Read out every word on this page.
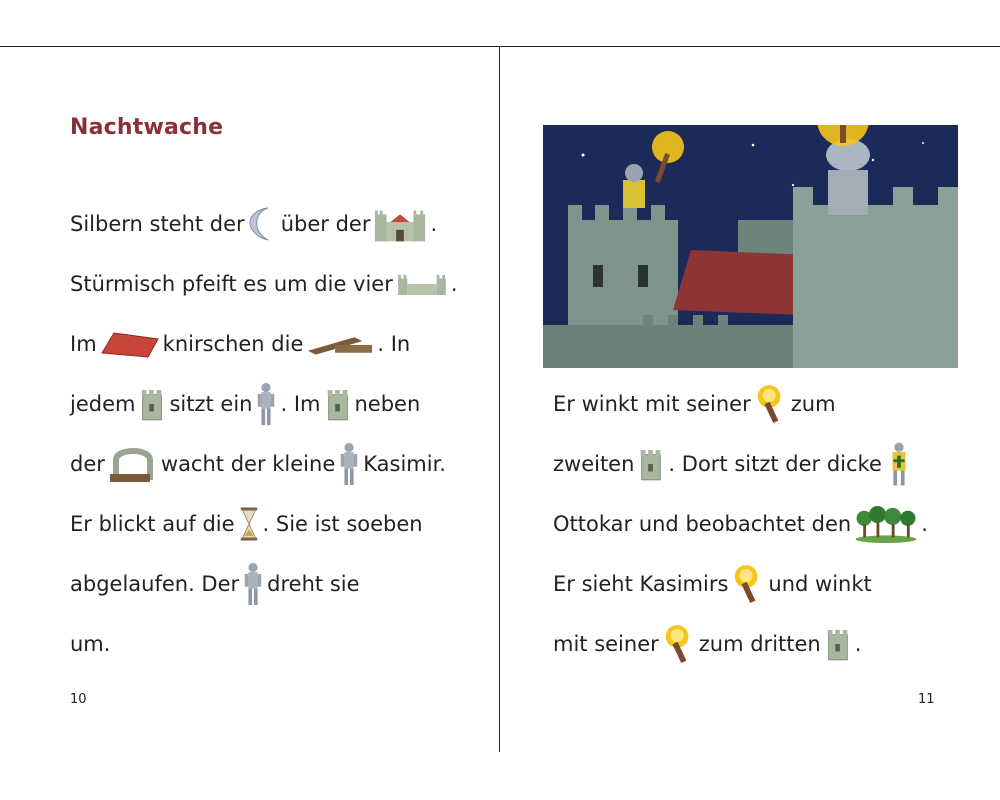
Nachtwache
Silbern steht der über der	.
Stürmisch pfeift es um die vier	.
Im	knirschen die	. In
jedem sitzt ein . Im neben
der	wacht der kleine Kasimir.
Er blickt auf die . Sie ist soeben
abgelaufen. Der dreht sie
um.
10
Er winkt mit seiner zum
zweiten . Dort sitzt der dicke
Ottokar und beobachtet den	.
Er sieht Kasimirs und winkt
mit seiner zum dritten .
11
